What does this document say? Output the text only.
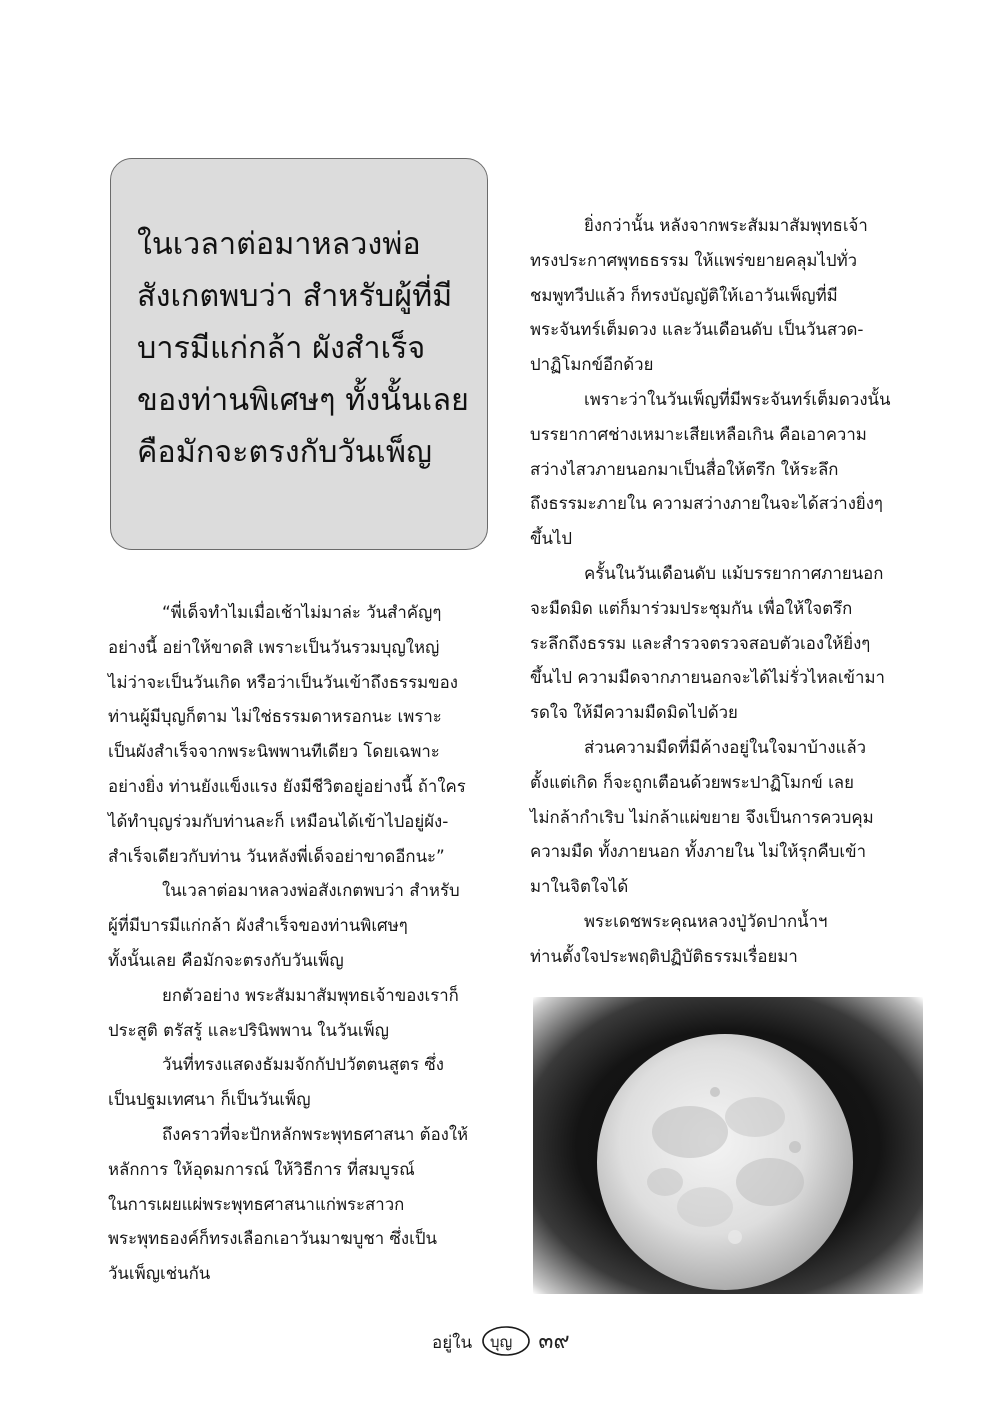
ในเวลาต่อมาหลวงพ่อ
สังเกตพบว่า สำหรับผู้ที่มี
บารมีแก่กล้า ผังสำเร็จ
ของท่านพิเศษๆ ทั้งนั้นเลย
คือมักจะตรงกับวันเพ็ญ

“พี่เด็จทำไมเมื่อเช้าไม่มาล่ะ วันสำคัญๆ
อย่างนี้ อย่าให้ขาดสิ เพราะเป็นวันรวมบุญใหญ่
ไม่ว่าจะเป็นวันเกิด หรือว่าเป็นวันเข้าถึงธรรมของ
ท่านผู้มีบุญก็ตาม ไม่ใช่ธรรมดาหรอกนะ เพราะ
เป็นผังสำเร็จจากพระนิพพานทีเดียว โดยเฉพาะ
อย่างยิ่ง ท่านยังแข็งแรง ยังมีชีวิตอยู่อย่างนี้ ถ้าใคร
ได้ทำบุญร่วมกับท่านละก็ เหมือนได้เข้าไปอยู่ผัง-
สำเร็จเดียวกับท่าน วันหลังพี่เด็จอย่าขาดอีกนะ”
ในเวลาต่อมาหลวงพ่อสังเกตพบว่า สำหรับ
ผู้ที่มีบารมีแก่กล้า ผังสำเร็จของท่านพิเศษๆ
ทั้งนั้นเลย คือมักจะตรงกับวันเพ็ญ
ยกตัวอย่าง พระสัมมาสัมพุทธเจ้าของเราก็
ประสูติ ตรัสรู้ และปรินิพพาน ในวันเพ็ญ
วันที่ทรงแสดงธัมมจักกัปปวัตตนสูตร ซึ่ง
เป็นปฐมเทศนา ก็เป็นวันเพ็ญ
ถึงคราวที่จะปักหลักพระพุทธศาสนา ต้องให้
หลักการ ให้อุดมการณ์ ให้วิธีการ ที่สมบูรณ์
ในการเผยแผ่พระพุทธศาสนาแก่พระสาวก
พระพุทธองค์ก็ทรงเลือกเอาวันมาฆบูชา ซึ่งเป็น
วันเพ็ญเช่นกัน
ยิ่งกว่านั้น หลังจากพระสัมมาสัมพุทธเจ้า
ทรงประกาศพุทธธรรม ให้แพร่ขยายคลุมไปทั่ว
ชมพูทวีปแล้ว ก็ทรงบัญญัติให้เอาวันเพ็ญที่มี
พระจันทร์เต็มดวง และวันเดือนดับ เป็นวันสวด-
ปาฏิโมกข์อีกด้วย
เพราะว่าในวันเพ็ญที่มีพระจันทร์เต็มดวงนั้น
บรรยากาศช่างเหมาะเสียเหลือเกิน คือเอาความ
สว่างไสวภายนอกมาเป็นสื่อให้ตรึก ให้ระลึก
ถึงธรรมะภายใน ความสว่างภายในจะได้สว่างยิ่งๆ
ขึ้นไป
ครั้นในวันเดือนดับ แม้บรรยากาศภายนอก
จะมืดมิด แต่ก็มาร่วมประชุมกัน เพื่อให้ใจตรึก
ระลึกถึงธรรม และสำรวจตรวจสอบตัวเองให้ยิ่งๆ
ขึ้นไป ความมืดจากภายนอกจะได้ไม่รั่วไหลเข้ามา
รดใจ ให้มีความมืดมิดไปด้วย
ส่วนความมืดที่มีค้างอยู่ในใจมาบ้างแล้ว
ตั้งแต่เกิด ก็จะถูกเตือนด้วยพระปาฏิโมกข์ เลย
ไม่กล้ากำเริบ ไม่กล้าแผ่ขยาย จึงเป็นการควบคุม
ความมืด ทั้งภายนอก ทั้งภายใน ไม่ให้รุกคืบเข้า
มาในจิตใจได้
พระเดชพระคุณหลวงปู่วัดปากน้ำฯ
ท่านตั้งใจประพฤติปฏิบัติธรรมเรื่อยมา
อยู่ใน บุญ ๓๙
